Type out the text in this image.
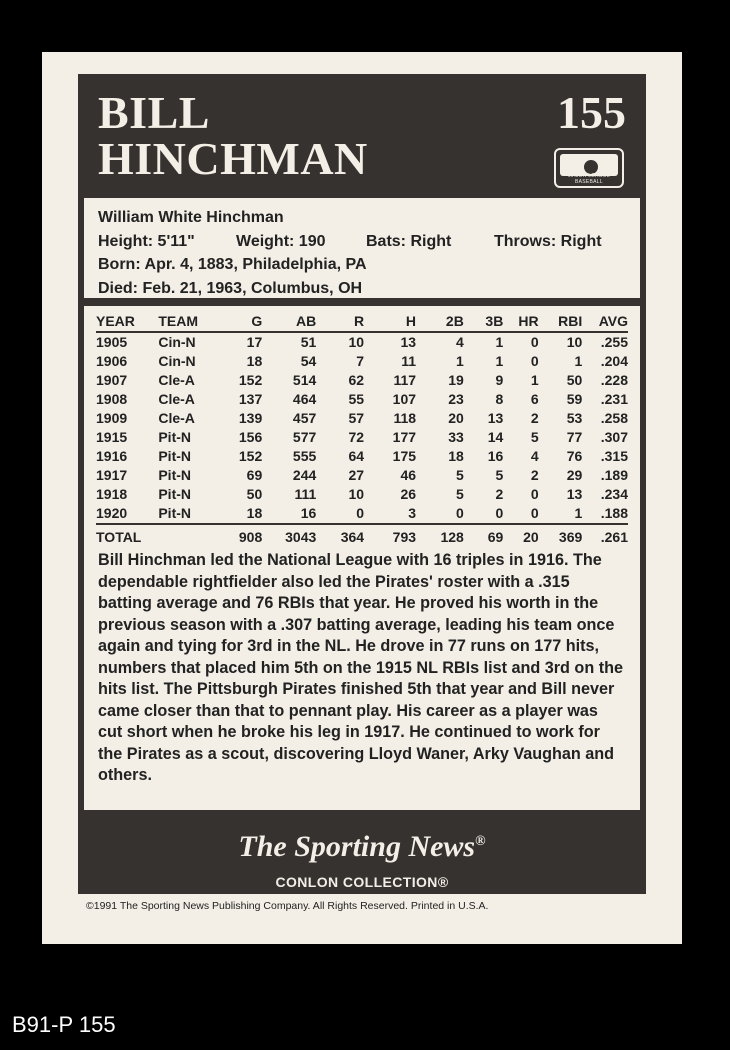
BILL
HINCHMAN
155
MAJOR LEAGUE BASEBALL
William White Hinchman
Height: 5'11"	Weight: 190	Bats: Right	Throws: Right
Born: Apr. 4, 1883, Philadelphia, PA
Died: Feb. 21, 1963, Columbus, OH
YEAR	TEAM	G	AB	R	H	2B	3B	HR	RBI	AVG
1905	Cin-N	17	51	10	13	4	1	0	10	.255
1906	Cin-N	18	54	7	11	1	1	0	1	.204
1907	Cle-A	152	514	62	117	19	9	1	50	.228
1908	Cle-A	137	464	55	107	23	8	6	59	.231
1909	Cle-A	139	457	57	118	20	13	2	53	.258
1915	Pit-N	156	577	72	177	33	14	5	77	.307
1916	Pit-N	152	555	64	175	18	16	4	76	.315
1917	Pit-N	69	244	27	46	5	5	2	29	.189
1918	Pit-N	50	111	10	26	5	2	0	13	.234
1920	Pit-N	18	16	0	3	0	0	0	1	.188
TOTAL		908	3043	364	793	128	69	20	369	.261
Bill Hinchman led the National League with 16 triples in 1916. The dependable rightfielder also led the Pirates' roster with a .315 batting average and 76 RBIs that year. He proved his worth in the previous season with a .307 batting average, leading his team once again and tying for 3rd in the NL. He drove in 77 runs on 177 hits, numbers that placed him 5th on the 1915 NL RBIs list and 3rd on the hits list. The Pittsburgh Pirates finished 5th that year and Bill never came closer than that to pennant play. His career as a player was cut short when he broke his leg in 1917. He continued to work for the Pirates as a scout, discovering Lloyd Waner, Arky Vaughan and others.
The Sporting News®
CONLON COLLECTION®
©1991 The Sporting News Publishing Company. All Rights Reserved. Printed in U.S.A.
B91-P 155
